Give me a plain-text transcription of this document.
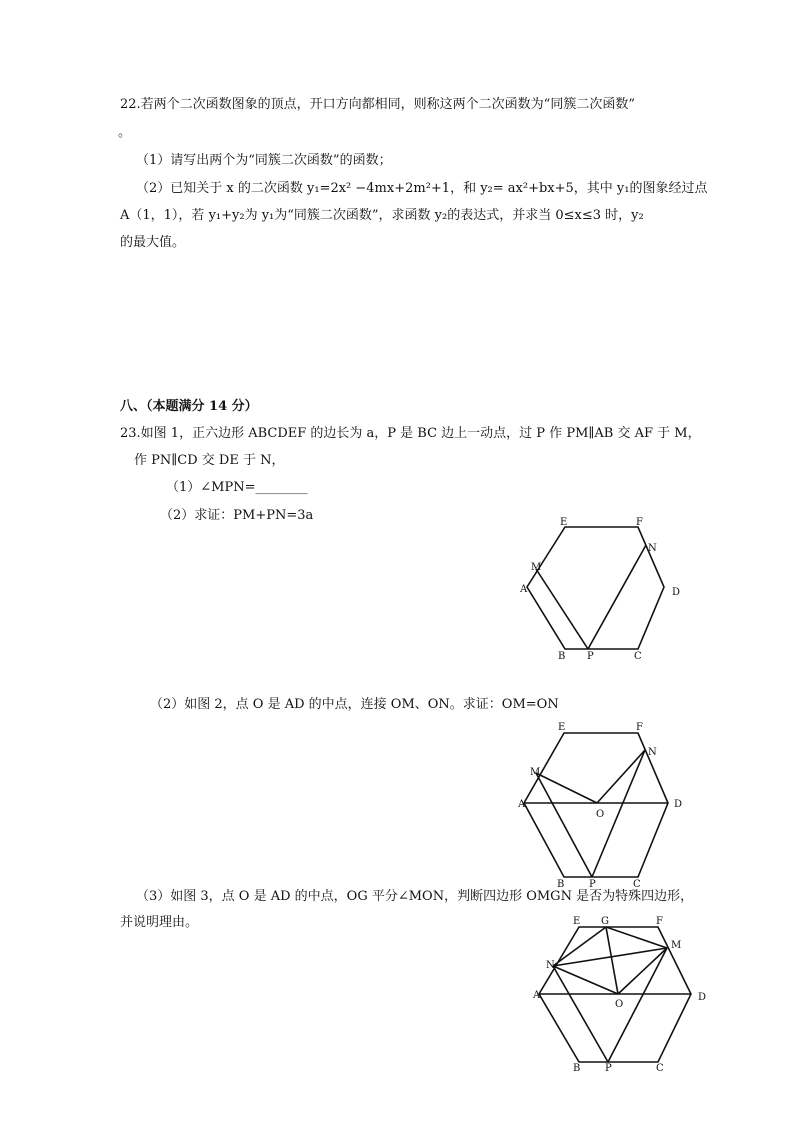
22.若两个二次函数图象的顶点，开口方向都相同，则称这两个二次函数为“同簇二次函数”
。
（1）请写出两个为“同簇二次函数”的函数；
（2）已知关于 x 的二次函数 y₁=2x² −4mx+2m²+1，和 y₂= ax²+bx+5，其中 y₁的图象经过点
A（1，1），若 y₁+y₂为 y₁为“同簇二次函数”，求函数 y₂的表达式，并求当 0≤x≤3 时，y₂
的最大值。
八、（本题满分 14 分）
23.如图 1，正六边形 ABCDEF 的边长为 a，P 是 BC 边上一动点，过 P 作 PM∥AB 交 AF 于 M，
作 PN∥CD 交 DE 于 N，
（1）∠MPN=________
（2）求证：PM+PN=3a	E	F
N
M
A	D
B P	C
（2）如图 2，点 O 是 AD 的中点，连接 OM、ON。求证：OM=ON
E	F
N
M
A	D
O
B P	C
（3）如图 3，点 O 是 AD 的中点，OG 平分∠MON，判断四边形 OMGN 是否为特殊四边形，
并说明理由。	E G	F
M
N
A	D
O
B P	C
